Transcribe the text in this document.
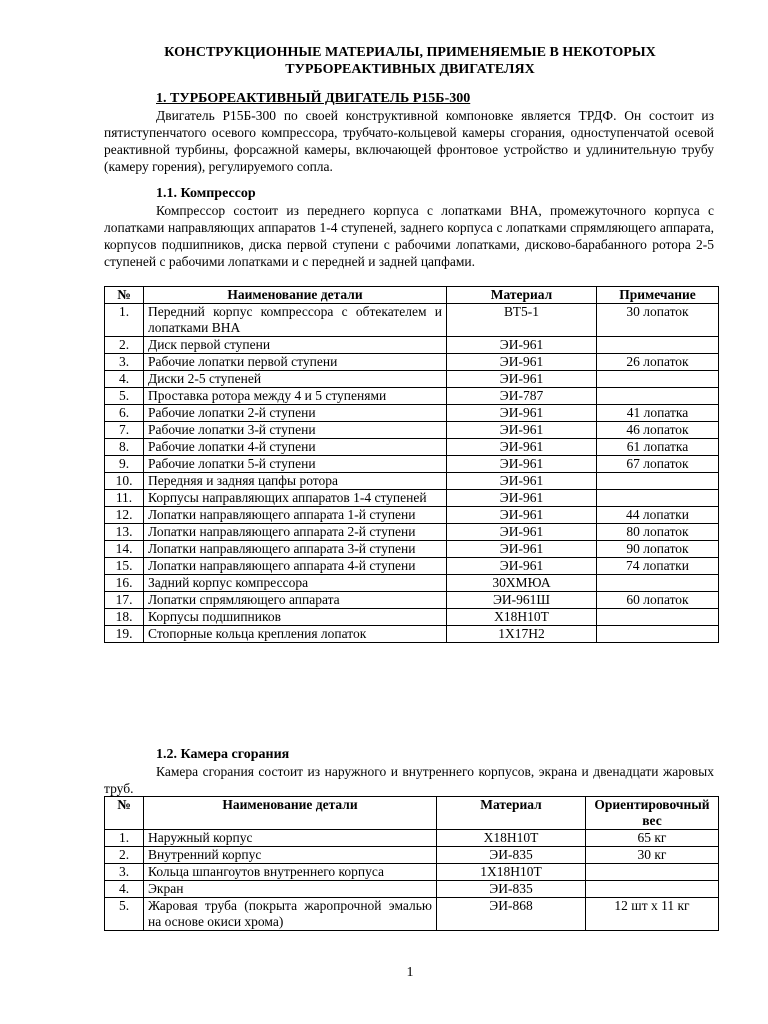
КОНСТРУКЦИОННЫЕ МАТЕРИАЛЫ, ПРИМЕНЯЕМЫЕ В НЕКОТОРЫХ
ТУРБОРЕАКТИВНЫХ ДВИГАТЕЛЯХ
1. ТУРБОРЕАКТИВНЫЙ ДВИГАТЕЛЬ Р15Б-300
Двигатель Р15Б-300 по своей конструктивной компоновке является ТРДФ. Он состоит из пятиступенчатого осевого компрессора, трубчато-кольцевой камеры сгорания, одноступенчатой осевой реактивной турбины, форсажной камеры, включающей фронтовое устройство и удлинительную трубу (камеру горения), регулируемого сопла.
1.1. Компрессор
Компрессор состоит из переднего корпуса с лопатками ВНА, промежуточного корпуса с лопатками направляющих аппаратов 1-4 ступеней, заднего корпуса с лопатками спрямляющего аппарата, корпусов подшипников, диска первой ступени с рабочими лопатками, дисково-барабанного ротора 2-5 ступеней с рабочими лопатками и с передней и задней цапфами.
№	Наименование детали	Материал	Примечание
1.	Передний корпус компрессора с обтекателем и лопатками ВНА	ВТ5-1	30 лопаток
2.	Диск первой ступени	ЭИ-961	
3.	Рабочие лопатки первой ступени	ЭИ-961	26 лопаток
4.	Диски 2-5 ступеней	ЭИ-961	
5.	Проставка ротора между 4 и 5 ступенями	ЭИ-787	
6.	Рабочие лопатки 2-й ступени	ЭИ-961	41 лопатка
7.	Рабочие лопатки 3-й ступени	ЭИ-961	46 лопаток
8.	Рабочие лопатки 4-й ступени	ЭИ-961	61 лопатка
9.	Рабочие лопатки 5-й ступени	ЭИ-961	67 лопаток
10.	Передняя и задняя цапфы ротора	ЭИ-961	
11.	Корпусы направляющих аппаратов 1-4 ступеней	ЭИ-961	
12.	Лопатки направляющего аппарата 1-й ступени	ЭИ-961	44 лопатки
13.	Лопатки направляющего аппарата 2-й ступени	ЭИ-961	80 лопаток
14.	Лопатки направляющего аппарата 3-й ступени	ЭИ-961	90 лопаток
15.	Лопатки направляющего аппарата 4-й ступени	ЭИ-961	74 лопатки
16.	Задний корпус компрессора	30ХМЮА	
17.	Лопатки спрямляющего аппарата	ЭИ-961Ш	60 лопаток
18.	Корпусы подшипников	Х18Н10Т	
19.	Стопорные кольца крепления лопаток	1Х17Н2	
1.2. Камера сгорания
Камера сгорания состоит из наружного и внутреннего корпусов, экрана и двенадцати жаровых труб.
№	Наименование детали	Материал	Ориентировочный вес
1.	Наружный корпус	Х18Н10Т	65 кг
2.	Внутренний корпус	ЭИ-835	30 кг
3.	Кольца шпангоутов внутреннего корпуса	1Х18Н10Т	
4.	Экран	ЭИ-835	
5.	Жаровая труба (покрыта жаропрочной эмалью на основе окиси хрома)	ЭИ-868	12 шт х 11 кг
1
